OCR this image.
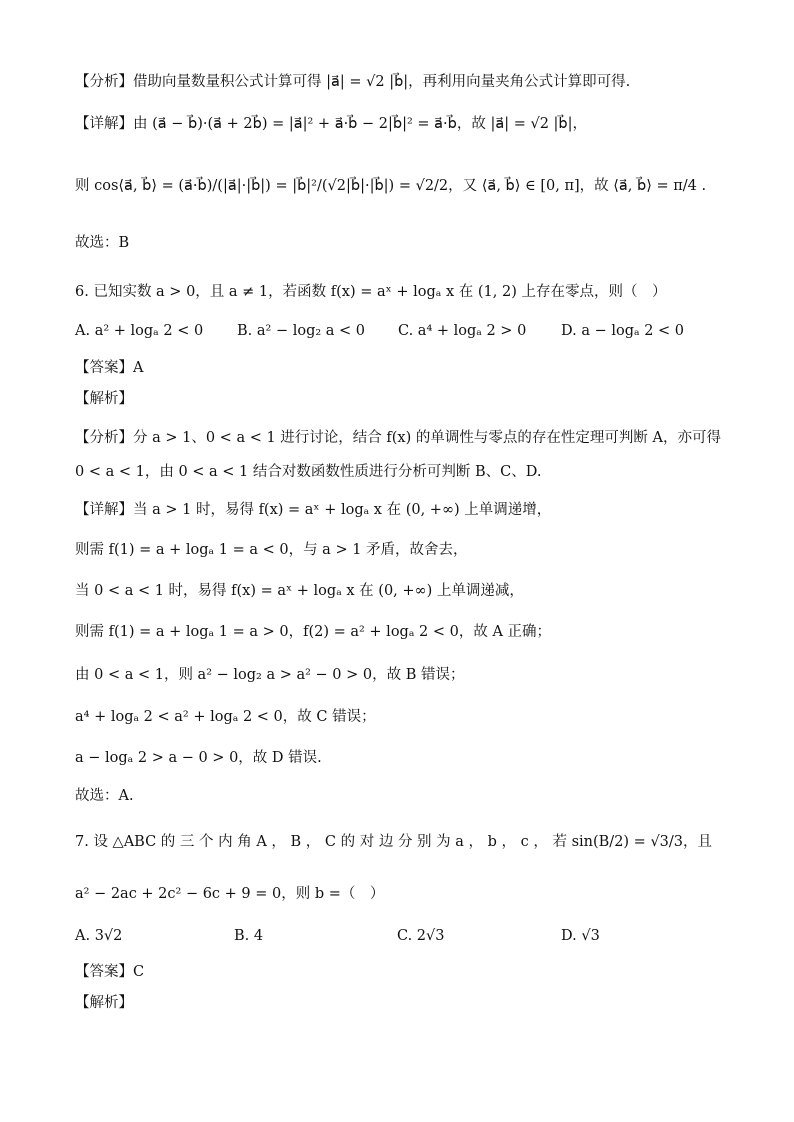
【分析】借助向量数量积公式计算可得 |a⃗| = √2 |b⃗|，再利用向量夹角公式计算即可得.
【详解】由 (a⃗ − b⃗)·(a⃗ + 2b⃗) = |a⃗|² + a⃗·b⃗ − 2|b⃗|² = a⃗·b⃗，故 |a⃗| = √2 |b⃗|，
则 cos⟨a⃗, b⃗⟩ = (a⃗·b⃗)/(|a⃗|·|b⃗|) = |b⃗|²/(√2|b⃗|·|b⃗|) = √2/2，又 ⟨a⃗, b⃗⟩ ∈ [0, π]，故 ⟨a⃗, b⃗⟩ = π/4 .
故选：B
6. 已知实数 a > 0，且 a ≠ 1，若函数 f(x) = aˣ + logₐ x 在 (1, 2) 上存在零点，则（　）
A. a² + logₐ 2 < 0 B. a² − log₂ a < 0 C. a⁴ + logₐ 2 > 0 D. a − logₐ 2 < 0
【答案】A
【解析】
【分析】分 a > 1、0 < a < 1 进行讨论，结合 f(x) 的单调性与零点的存在性定理可判断 A，亦可得
0 < a < 1，由 0 < a < 1 结合对数函数性质进行分析可判断 B、C、D.
【详解】当 a > 1 时，易得 f(x) = aˣ + logₐ x 在 (0, +∞) 上单调递增，
则需 f(1) = a + logₐ 1 = a < 0，与 a > 1 矛盾，故舍去，
当 0 < a < 1 时，易得 f(x) = aˣ + logₐ x 在 (0, +∞) 上单调递减，
则需 f(1) = a + logₐ 1 = a > 0，f(2) = a² + logₐ 2 < 0，故 A 正确；
由 0 < a < 1，则 a² − log₂ a > a² − 0 > 0，故 B 错误；
a⁴ + logₐ 2 < a² + logₐ 2 < 0，故 C 错误；
a − logₐ 2 > a − 0 > 0，故 D 错误.
故选：A.
7. 设 △ABC 的 三 个 内 角 A ， B ， C 的 对 边 分 别 为 a ， b ， c ， 若 sin(B/2) = √3/3，且
a² − 2ac + 2c² − 6c + 9 = 0，则 b =（　）
A. 3√2	B. 4	C. 2√3	D. √3
【答案】C
【解析】
